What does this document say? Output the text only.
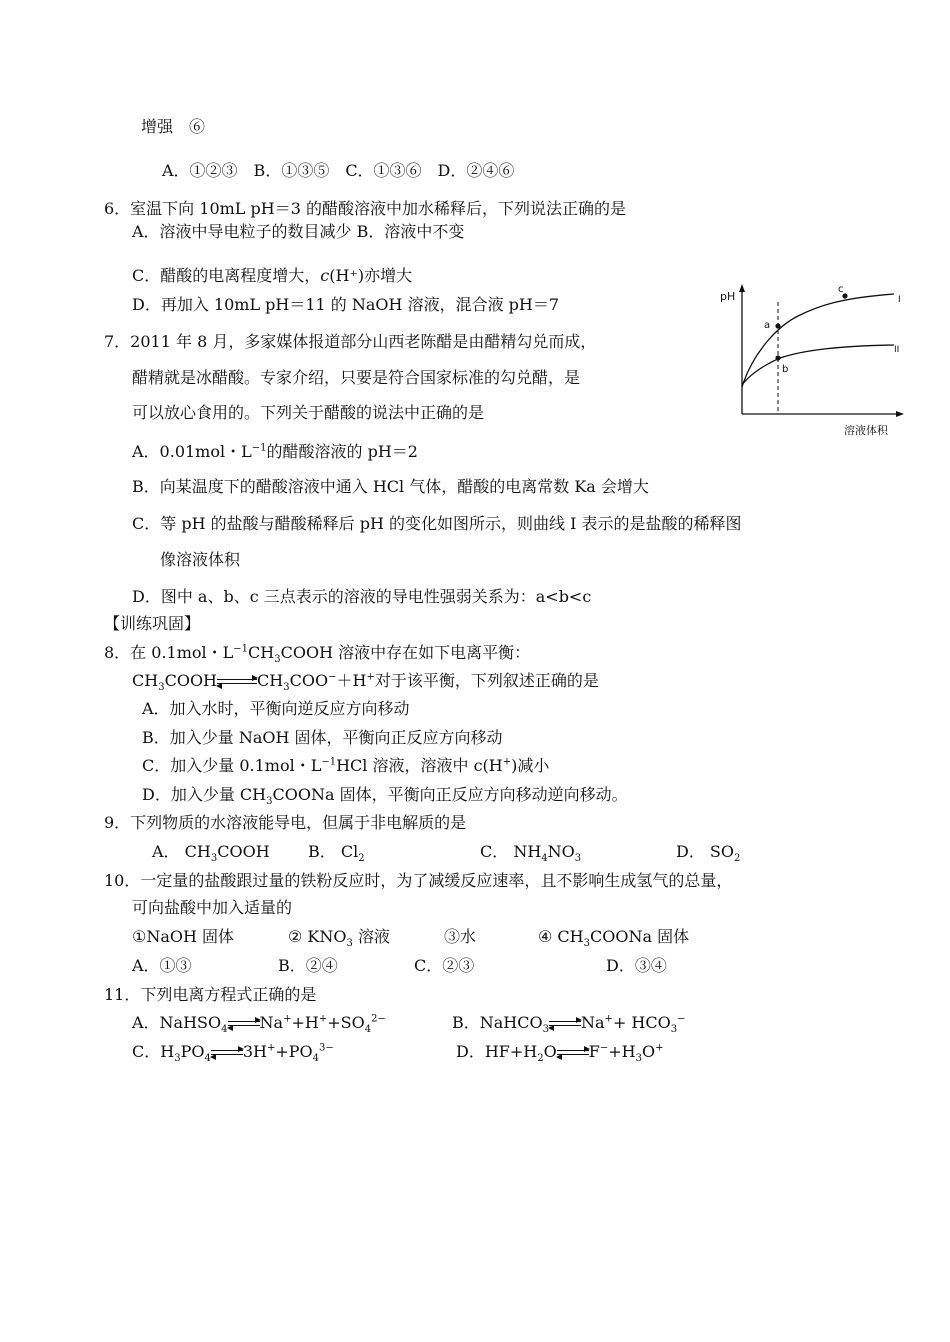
增强　⑥
A．①②③　B．①③⑤　C．①③⑥　D．②④⑥
6．室温下向 10mL pH＝3 的醋酸溶液中加水稀释后，下列说法正确的是
A．溶液中导电粒子的数目减少 B．溶液中不变
C．醋酸的电离程度增大，c(H⁺)亦增大
D．再加入 10mL pH＝11 的 NaOH 溶液，混合液 pH＝7
7．2011 年 8 月，多家媒体报道部分山西老陈醋是由醋精勾兑而成，
醋精就是冰醋酸。专家介绍，只要是符合国家标准的勾兑醋，是
可以放心食用的。下列关于醋酸的说法中正确的是
A．0.01mol・$L^{-1}$的醋酸溶液的 pH＝2
B．向某温度下的醋酸溶液中通入 HCl 气体，醋酸的电离常数 Ka 会增大
C．等 pH 的盐酸与醋酸稀释后 pH 的变化如图所示，则曲线 I 表示的是盐酸的稀释图
像溶液体积
D．图中 a、b、c 三点表示的溶液的导电性强弱关系为：a<b<c
【训练巩固】
8．在 0.1mol・$L^{-1}CH_3COOH$ 溶液中存在如下电离平衡：
$CH_3COOH$	$CH_3COO^-+H^+$对于该平衡，下列叙述正确的是
A．加入水时，平衡向逆反应方向移动
B．加入少量 NaOH 固体，平衡向正反应方向移动
C．加入少量 0.1mol・$L^{-1}HCl$ 溶液，溶液中 c(H+)减小
D．加入少量 $CH_3COONa$ 固体，平衡向正反应方向移动逆向移动。
9．下列物质的水溶液能导电，但属于非电解质的是
A． $CH_3COOH$ B． $Cl_2$	C． $NH_4NO_3$	D． $SO_2$
10．一定量的盐酸跟过量的铁粉反应时，为了减缓反应速率，且不影响生成氢气的总量，
可向盐酸中加入适量的
①NaOH 固体	② $KNO_3$ 溶液	③水	④ $CH_3COONa$ 固体
A．①③	B．②④	C．②③	D．③④
11．下列电离方程式正确的是
A．NaHSO$_4$ $Na^++H^++SO_4^{2-}$	B．NaHCO$_3$ $Na^++ HCO_3^-$
C．$H_3PO_4$ $3H^++PO_4^{3-}$	D．$HF+H_2O$ $F^-+H_3O^+$
pH
溶液体积
a
b
c
I
II
